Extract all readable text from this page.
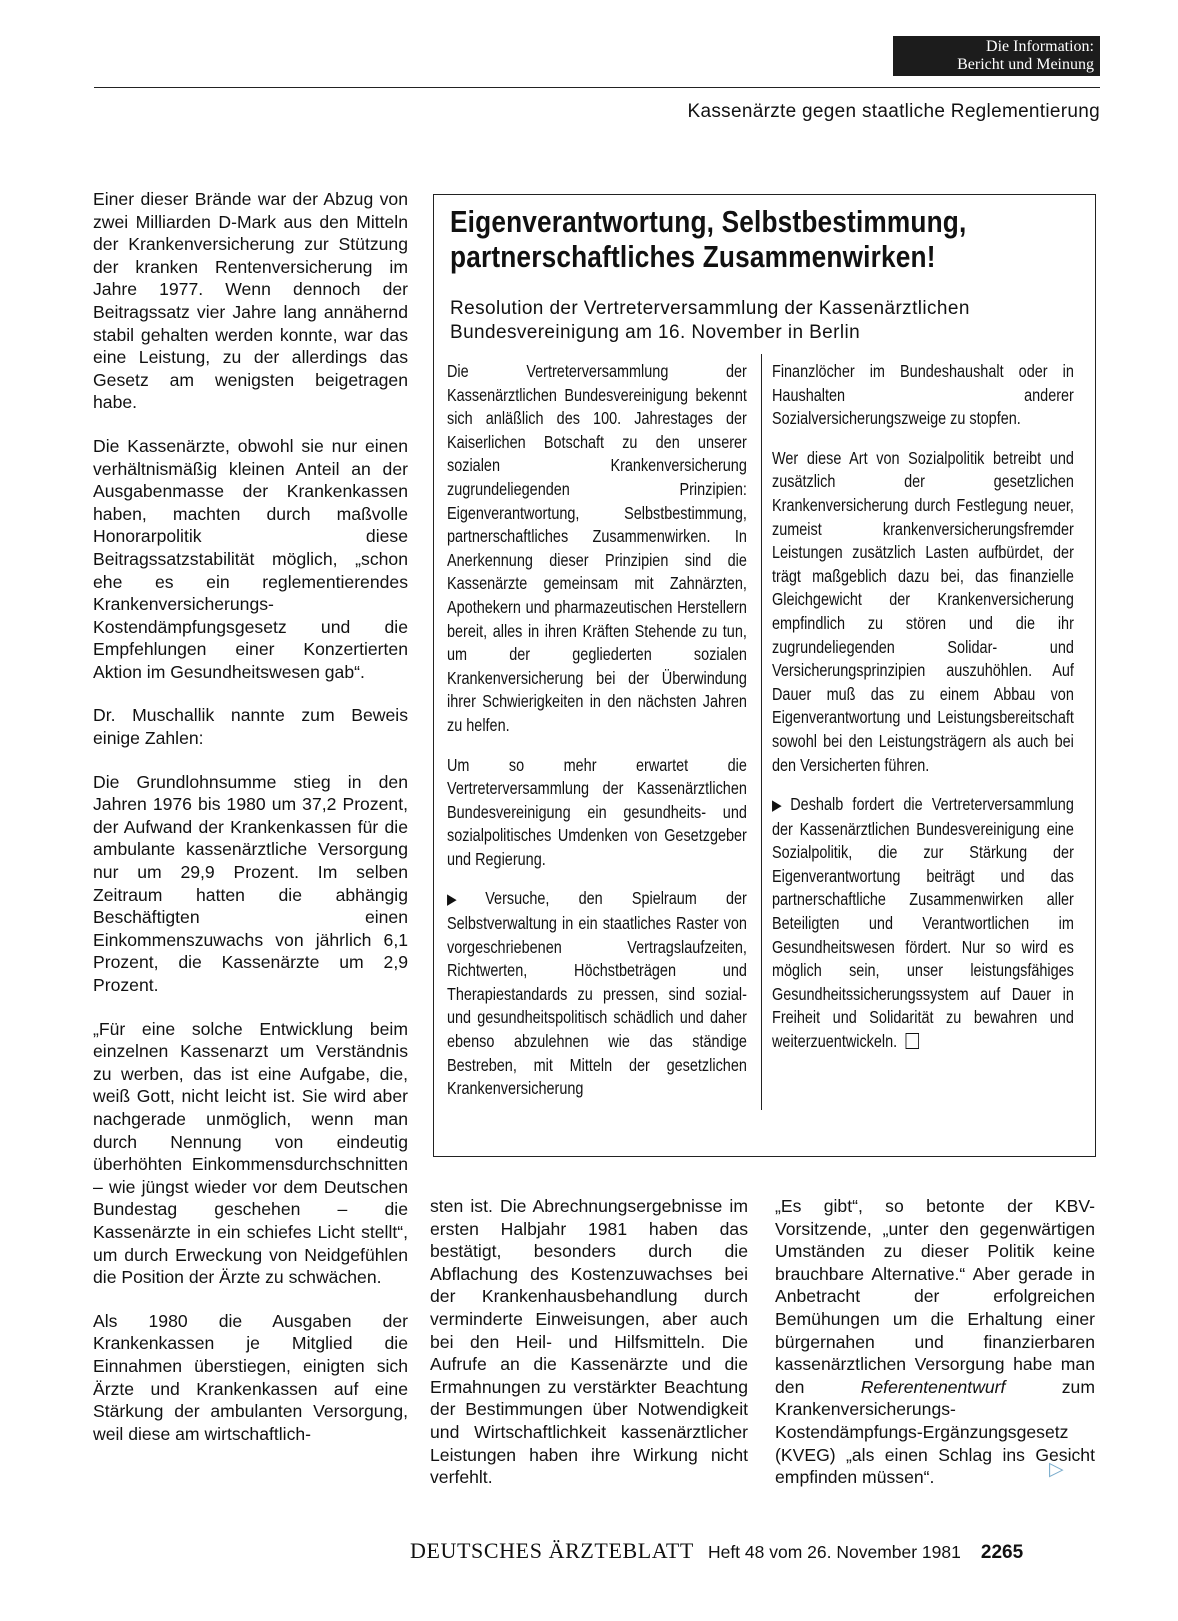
Die Information:
Bericht und Meinung
Kassenärzte gegen staatliche Reglementierung

Einer dieser Brände war der Abzug von zwei Milliarden D-Mark aus den Mitteln der Krankenversicherung zur Stützung der kranken Rentenversicherung im Jahre 1977. Wenn dennoch der Beitragssatz vier Jahre lang annähernd stabil gehalten werden konnte, war das eine Leistung, zu der allerdings das Gesetz am wenigsten beigetragen habe.

Die Kassenärzte, obwohl sie nur einen verhältnismäßig kleinen Anteil an der Ausgabenmasse der Krankenkassen haben, machten durch maßvolle Honorarpolitik diese Beitragssatzstabilität möglich, „schon ehe es ein reglementierendes Krankenversicherungs-Kostendämpfungsgesetz und die Empfehlungen einer Konzertierten Aktion im Gesundheitswesen gab“.

Dr. Muschallik nannte zum Beweis einige Zahlen:

Die Grundlohnsumme stieg in den Jahren 1976 bis 1980 um 37,2 Prozent, der Aufwand der Krankenkassen für die ambulante kassenärztliche Versorgung nur um 29,9 Prozent. Im selben Zeitraum hatten die abhängig Beschäftigten einen Einkommenszuwachs von jährlich 6,1 Prozent, die Kassenärzte um 2,9 Prozent.

„Für eine solche Entwicklung beim einzelnen Kassenarzt um Verständnis zu werben, das ist eine Aufgabe, die, weiß Gott, nicht leicht ist. Sie wird aber nachgerade unmöglich, wenn man durch Nennung von eindeutig überhöhten Einkommensdurchschnitten – wie jüngst wieder vor dem Deutschen Bundestag geschehen – die Kassenärzte in ein schiefes Licht stellt“, um durch Erweckung von Neidgefühlen die Position der Ärzte zu schwächen.

Als 1980 die Ausgaben der Krankenkassen je Mitglied die Einnahmen überstiegen, einigten sich Ärzte und Krankenkassen auf eine Stärkung der ambulanten Versorgung, weil diese am wirtschaftlich-

Eigenverantwortung, Selbstbestimmung, partnerschaftliches Zusammenwirken!
Resolution der Vertreterversammlung der Kassenärztlichen Bundesvereinigung am 16. November in Berlin

Die Vertreterversammlung der Kassenärztlichen Bundesvereinigung bekennt sich anläßlich des 100. Jahrestages der Kaiserlichen Botschaft zu den unserer sozialen Krankenversicherung zugrundeliegenden Prinzipien: Eigenverantwortung, Selbstbestimmung, partnerschaftliches Zusammenwirken. In Anerkennung dieser Prinzipien sind die Kassenärzte gemeinsam mit Zahnärzten, Apothekern und pharmazeutischen Herstellern bereit, alles in ihren Kräften Stehende zu tun, um der gegliederten sozialen Krankenversicherung bei der Überwindung ihrer Schwierigkeiten in den nächsten Jahren zu helfen.

Um so mehr erwartet die Vertreterversammlung der Kassenärztlichen Bundesvereinigung ein gesundheits- und sozialpolitisches Umdenken von Gesetzgeber und Regierung.

▶ Versuche, den Spielraum der Selbstverwaltung in ein staatliches Raster von vorgeschriebenen Vertragslaufzeiten, Richtwerten, Höchstbeträgen und Therapiestandards zu pressen, sind sozial- und gesundheitspolitisch schädlich und daher ebenso abzulehnen wie das ständige Bestreben, mit Mitteln der gesetzlichen Krankenversicherung

Finanzlöcher im Bundeshaushalt oder in Haushalten anderer Sozialversicherungszweige zu stopfen.

Wer diese Art von Sozialpolitik betreibt und zusätzlich der gesetzlichen Krankenversicherung durch Festlegung neuer, zumeist krankenversicherungsfremder Leistungen zusätzlich Lasten aufbürdet, der trägt maßgeblich dazu bei, das finanzielle Gleichgewicht der Krankenversicherung empfindlich zu stören und die ihr zugrundeliegenden Solidar- und Versicherungsprinzipien auszuhöhlen. Auf Dauer muß das zu einem Abbau von Eigenverantwortung und Leistungsbereitschaft sowohl bei den Leistungsträgern als auch bei den Versicherten führen.

▶ Deshalb fordert die Vertreterversammlung der Kassenärztlichen Bundesvereinigung eine Sozialpolitik, die zur Stärkung der Eigenverantwortung beiträgt und das partnerschaftliche Zusammenwirken aller Beteiligten und Verantwortlichen im Gesundheitswesen fördert. Nur so wird es möglich sein, unser leistungsfähiges Gesundheitssicherungssystem auf Dauer in Freiheit und Solidarität zu bewahren und weiterzuentwickeln.

sten ist. Die Abrechnungsergebnisse im ersten Halbjahr 1981 haben das bestätigt, besonders durch die Abflachung des Kostenzuwachses bei der Krankenhausbehandlung durch verminderte Einweisungen, aber auch bei den Heil- und Hilfsmitteln. Die Aufrufe an die Kassenärzte und die Ermahnungen zu verstärkter Beachtung der Bestimmungen über Notwendigkeit und Wirtschaftlichkeit kassenärztlicher Leistungen haben ihre Wirkung nicht verfehlt.

„Es gibt“, so betonte der KBV-Vorsitzende, „unter den gegenwärtigen Umständen zu dieser Politik keine brauchbare Alternative.“ Aber gerade in Anbetracht der erfolgreichen Bemühungen um die Erhaltung einer bürgernahen und finanzierbaren kassenärztlichen Versorgung habe man den Referentenentwurf zum Krankenversicherungs-Kostendämpfungs-Ergänzungsgesetz (KVEG) „als einen Schlag ins Gesicht empfinden müssen“.	▷
DEUTSCHES ÄRZTEBLATT Heft 48 vom 26. November 1981 2265
